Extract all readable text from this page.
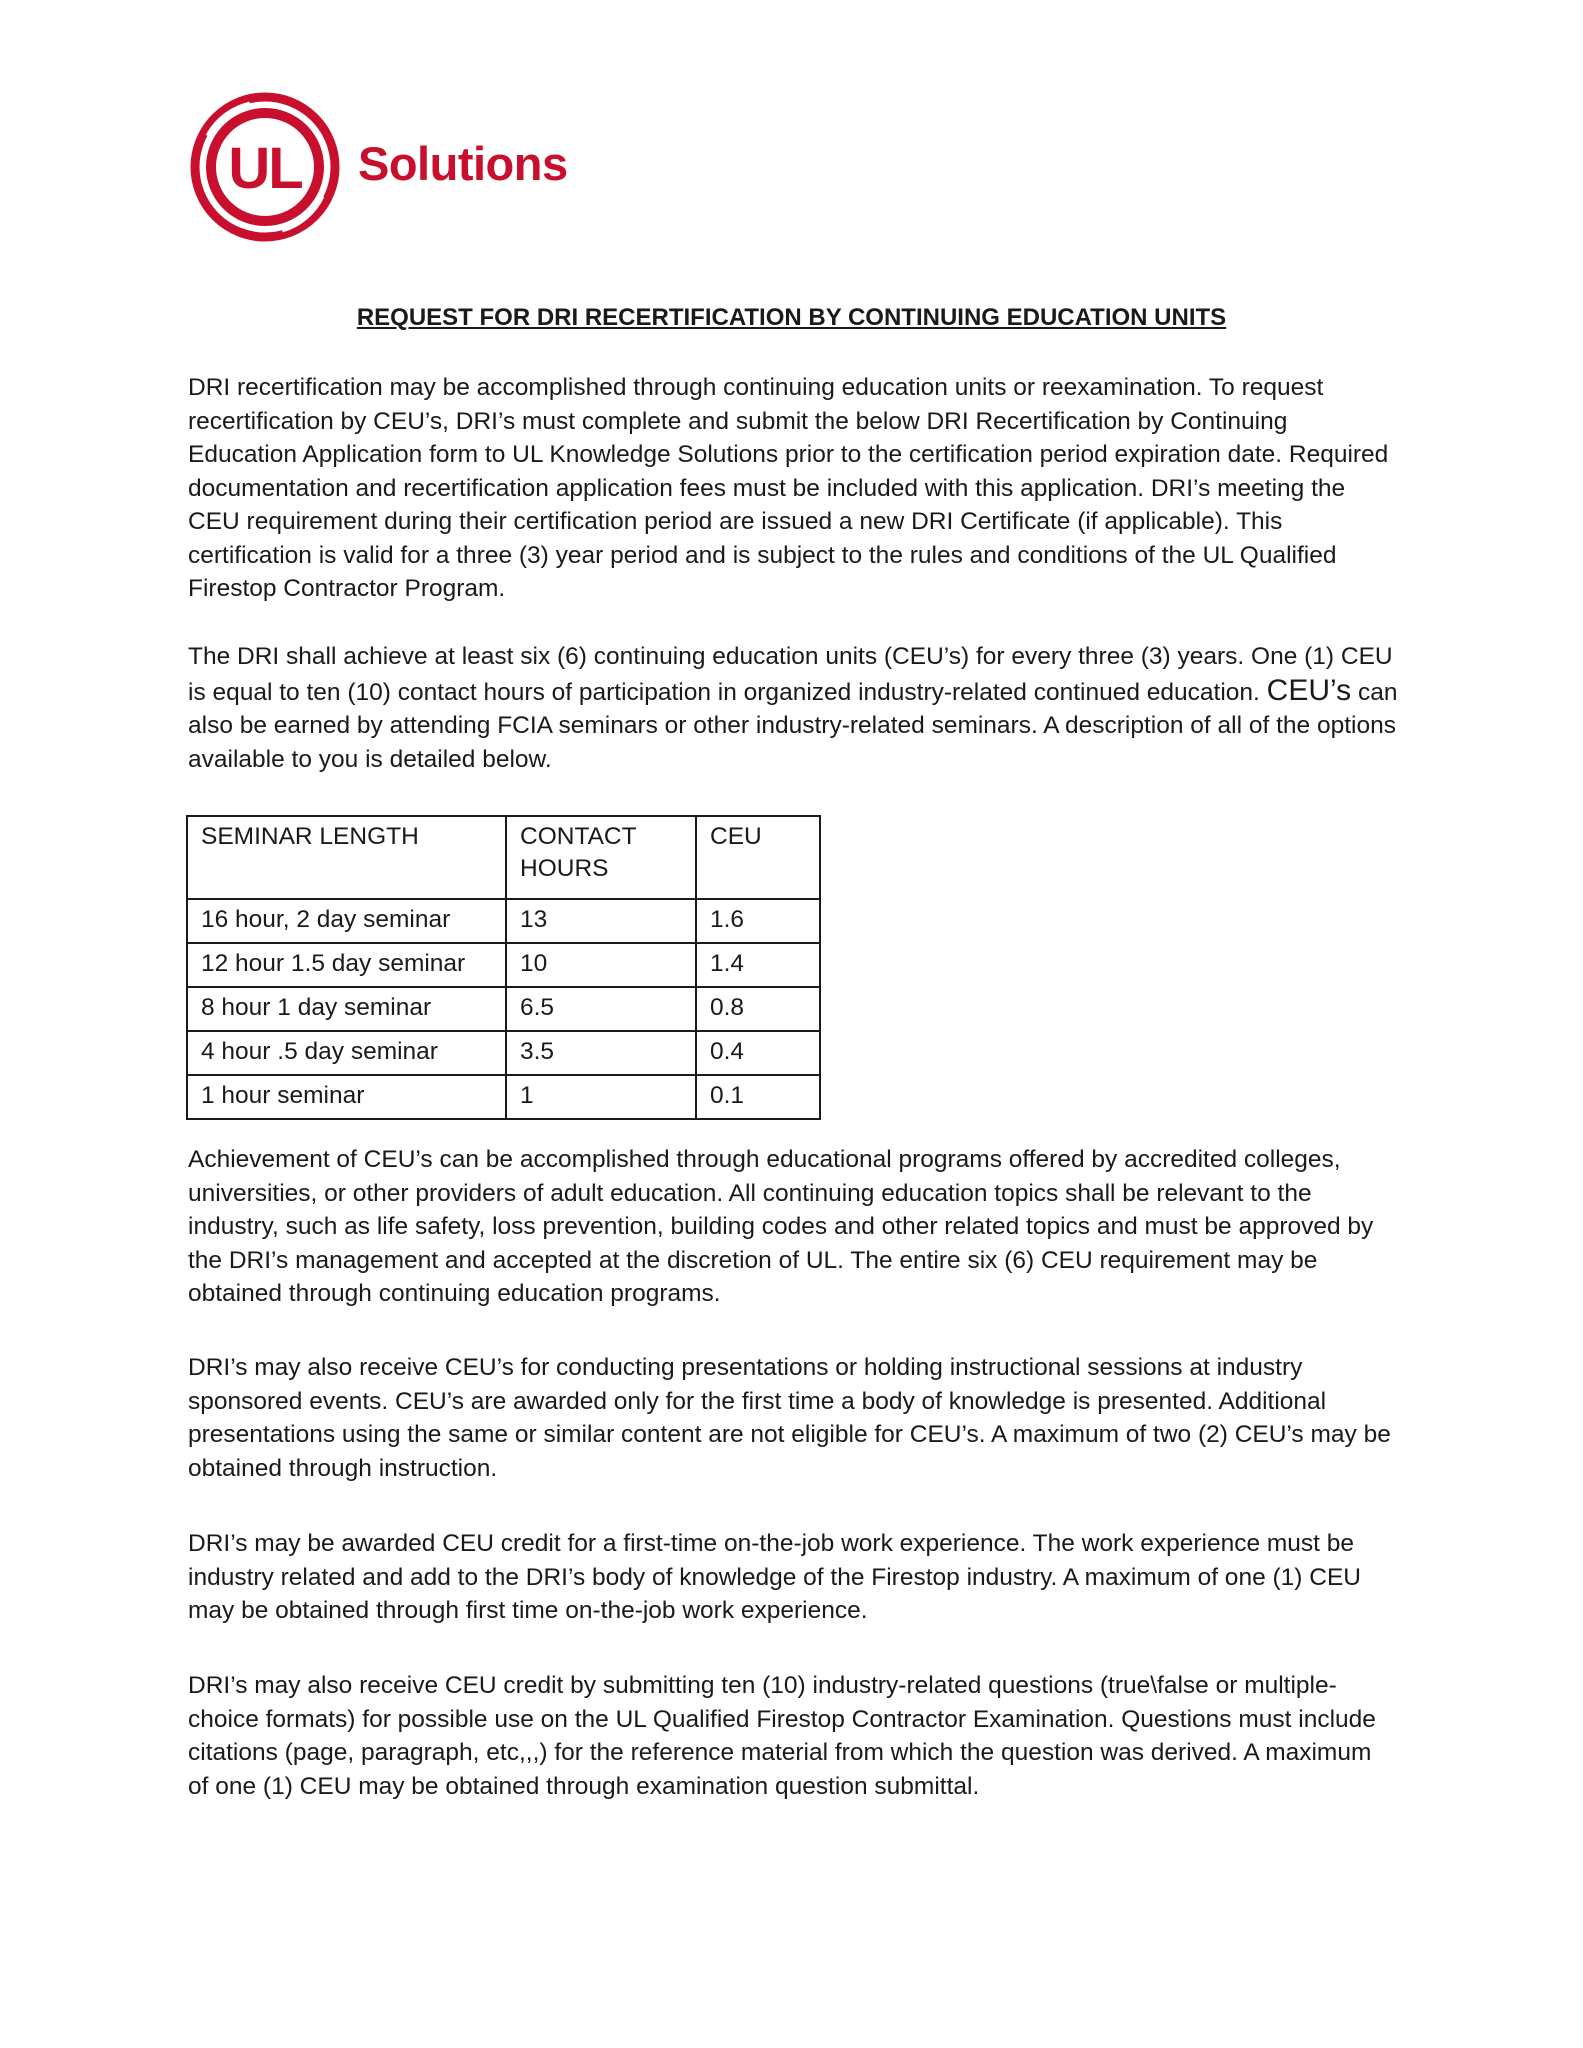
UL Solutions
REQUEST FOR DRI RECERTIFICATION BY CONTINUING EDUCATION UNITS

DRI recertification may be accomplished through continuing education units or reexamination. To request recertification by CEU’s, DRI’s must complete and submit the below DRI Recertification by Continuing Education Application form to UL Knowledge Solutions prior to the certification period expiration date. Required documentation and recertification application fees must be included with this application. DRI’s meeting the CEU requirement during their certification period are issued a new DRI Certificate (if applicable). This certification is valid for a three (3) year period and is subject to the rules and conditions of the UL Qualified Firestop Contractor Program.

The DRI shall achieve at least six (6) continuing education units (CEU’s) for every three (3) years. One (1) CEU is equal to ten (10) contact hours of participation in organized industry-related continued education. CEU’s can also be earned by attending FCIA seminars or other industry-related seminars. A description of all of the options available to you is detailed below.

SEMINAR LENGTH	CONTACT HOURS	CEU
16 hour, 2 day seminar	13	1.6
12 hour 1.5 day seminar	10	1.4
8 hour 1 day seminar	6.5	0.8
4 hour .5 day seminar	3.5	0.4
1 hour seminar	1	0.1

Achievement of CEU’s can be accomplished through educational programs offered by accredited colleges, universities, or other providers of adult education. All continuing education topics shall be relevant to the industry, such as life safety, loss prevention, building codes and other related topics and must be approved by the DRI’s management and accepted at the discretion of UL. The entire six (6) CEU requirement may be obtained through continuing education programs.

DRI’s may also receive CEU’s for conducting presentations or holding instructional sessions at industry sponsored events. CEU’s are awarded only for the first time a body of knowledge is presented. Additional presentations using the same or similar content are not eligible for CEU’s. A maximum of two (2) CEU’s may be obtained through instruction.

DRI’s may be awarded CEU credit for a first-time on-the-job work experience. The work experience must be industry related and add to the DRI’s body of knowledge of the Firestop industry. A maximum of one (1) CEU may be obtained through first time on-the-job work experience.

DRI’s may also receive CEU credit by submitting ten (10) industry-related questions (true\false or multiple-choice formats) for possible use on the UL Qualified Firestop Contractor Examination. Questions must include citations (page, paragraph, etc,,,) for the reference material from which the question was derived. A maximum of one (1) CEU may be obtained through examination question submittal.
